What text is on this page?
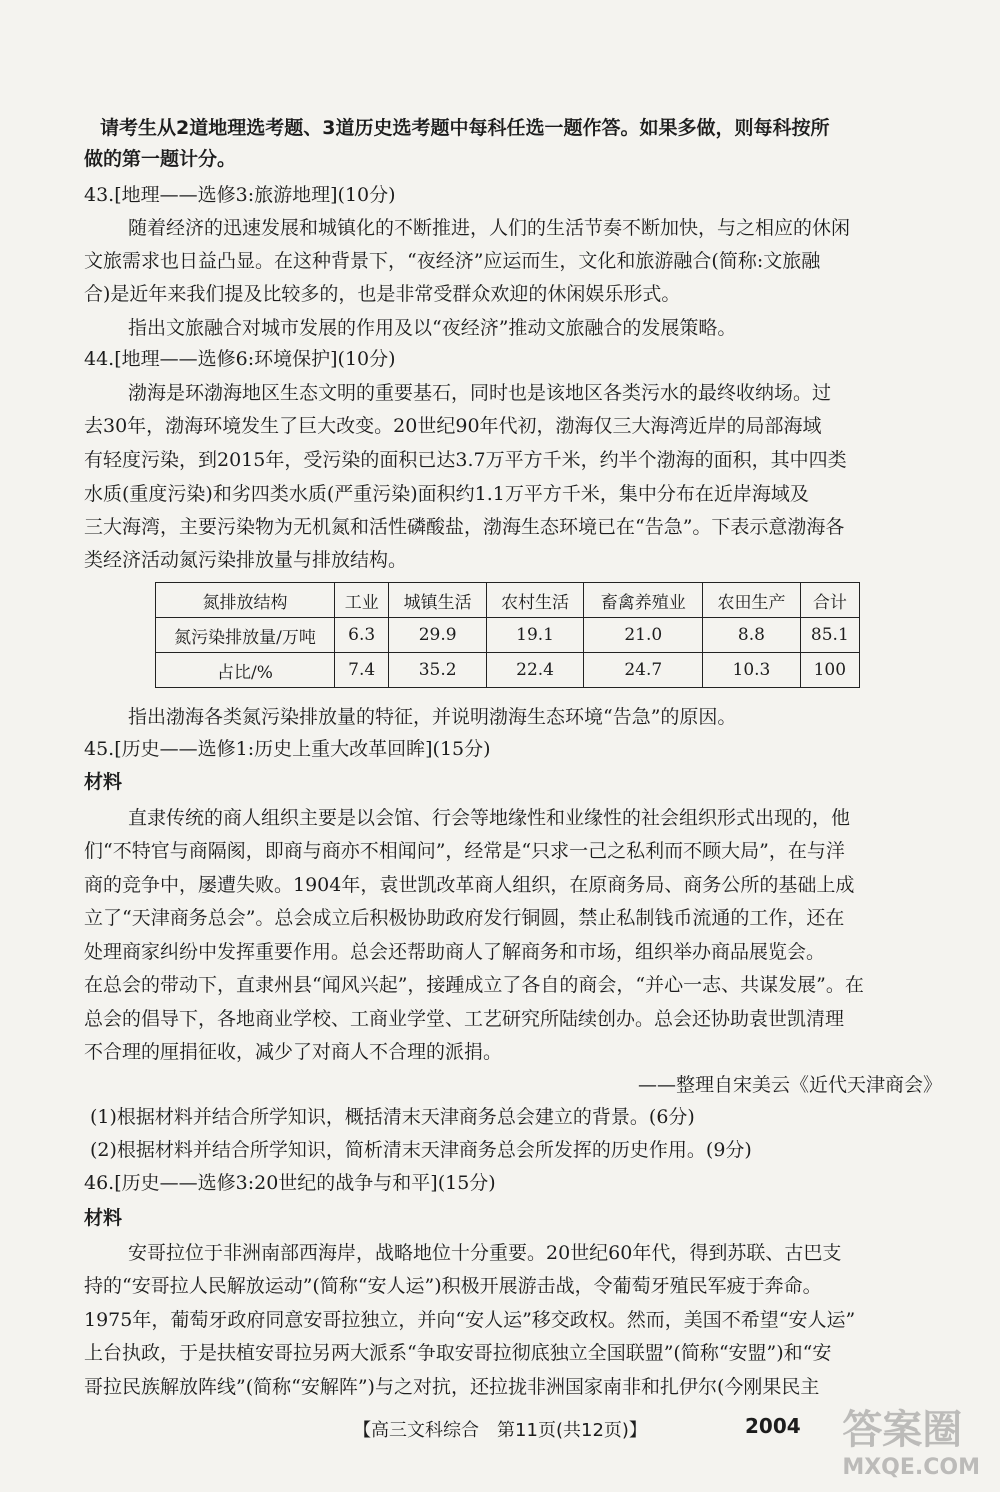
请考生从2道地理选考题、3道历史选考题中每科任选一题作答。如果多做，则每科按所
做的第一题计分。
43.[地理——选修3:旅游地理](10分)
随着经济的迅速发展和城镇化的不断推进，人们的生活节奏不断加快，与之相应的休闲
文旅需求也日益凸显。在这种背景下，“夜经济”应运而生，文化和旅游融合(简称:文旅融
合)是近年来我们提及比较多的，也是非常受群众欢迎的休闲娱乐形式。
指出文旅融合对城市发展的作用及以“夜经济”推动文旅融合的发展策略。
44.[地理——选修6:环境保护](10分)
渤海是环渤海地区生态文明的重要基石，同时也是该地区各类污水的最终收纳场。过
去30年，渤海环境发生了巨大改变。20世纪90年代初，渤海仅三大海湾近岸的局部海域
有轻度污染，到2015年，受污染的面积已达3.7万平方千米，约半个渤海的面积，其中四类
水质(重度污染)和劣四类水质(严重污染)面积约1.1万平方千米，集中分布在近岸海域及
三大海湾，主要污染物为无机氮和活性磷酸盐，渤海生态环境已在“告急”。下表示意渤海各
类经济活动氮污染排放量与排放结构。
氮排放结构	工业	城镇生活	农村生活	畜禽养殖业	农田生产	合计
氮污染排放量/万吨	6.3	29.9	19.1	21.0	8.8	85.1
占比/%	7.4	35.2	22.4	24.7	10.3	100
指出渤海各类氮污染排放量的特征，并说明渤海生态环境“告急”的原因。
45.[历史——选修1:历史上重大改革回眸](15分)
材料
直隶传统的商人组织主要是以会馆、行会等地缘性和业缘性的社会组织形式出现的，他
们“不特官与商隔阂，即商与商亦不相闻问”，经常是“只求一己之私利而不顾大局”，在与洋
商的竞争中，屡遭失败。1904年，袁世凯改革商人组织，在原商务局、商务公所的基础上成
立了“天津商务总会”。总会成立后积极协助政府发行铜圆，禁止私制钱币流通的工作，还在
处理商家纠纷中发挥重要作用。总会还帮助商人了解商务和市场，组织举办商品展览会。
在总会的带动下，直隶州县“闻风兴起”，接踵成立了各自的商会，“并心一志、共谋发展”。在
总会的倡导下，各地商业学校、工商业学堂、工艺研究所陆续创办。总会还协助袁世凯清理
不合理的厘捐征收，减少了对商人不合理的派捐。
——整理自宋美云《近代天津商会》
(1)根据材料并结合所学知识，概括清末天津商务总会建立的背景。(6分)
(2)根据材料并结合所学知识，简析清末天津商务总会所发挥的历史作用。(9分)
46.[历史——选修3:20世纪的战争与和平](15分)
材料
安哥拉位于非洲南部西海岸，战略地位十分重要。20世纪60年代，得到苏联、古巴支
持的“安哥拉人民解放运动”(简称“安人运”)积极开展游击战，令葡萄牙殖民军疲于奔命。
1975年，葡萄牙政府同意安哥拉独立，并向“安人运”移交政权。然而，美国不希望“安人运”
上台执政，于是扶植安哥拉另两大派系“争取安哥拉彻底独立全国联盟”(简称“安盟”)和“安
哥拉民族解放阵线”(简称“安解阵”)与之对抗，还拉拢非洲国家南非和扎伊尔(今刚果民主
【高三文科综合　第11页(共12页)】	2004 答案圈
MXQE.COM
